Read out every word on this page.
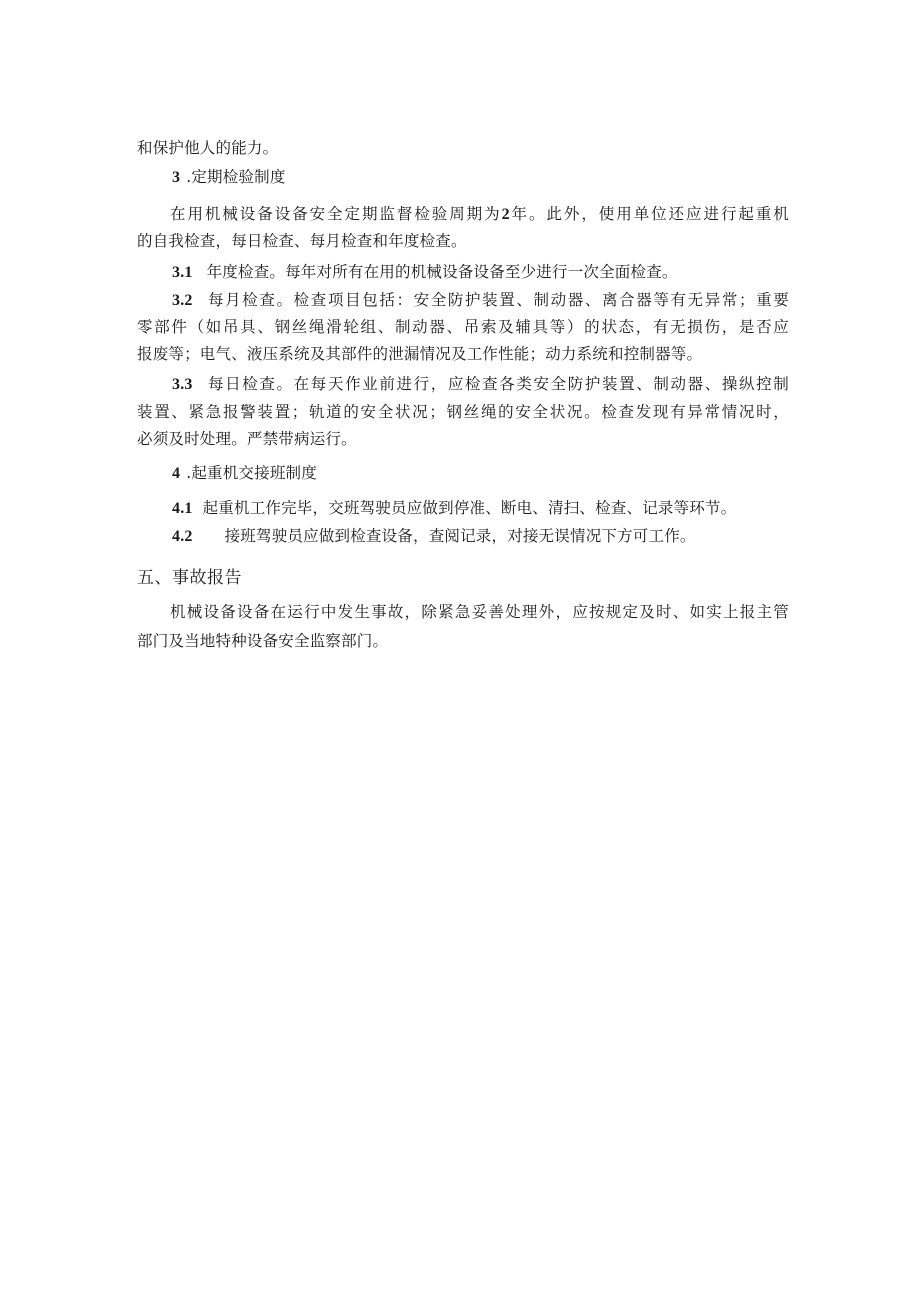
和保护他人的能力。
3 .定期检验制度
在用机械设备设备安全定期监督检验周期为2年。此外，使用单位还应进行起重机
的自我检查，每日检查、每月检查和年度检查。
3.1 年度检查。每年对所有在用的机械设备设备至少进行一次全面检查。
3.2 每月检查。检查项目包括：安全防护装置、制动器、离合器等有无异常；重要
零部件（如吊具、钢丝绳滑轮组、制动器、吊索及辅具等）的状态，有无损伤，是否应
报废等；电气、液压系统及其部件的泄漏情况及工作性能；动力系统和控制器等。
3.3 每日检查。在每天作业前进行，应检查各类安全防护装置、制动器、操纵控制
装置、紧急报警装置；轨道的安全状况；钢丝绳的安全状况。检查发现有异常情况时，
必须及时处理。严禁带病运行。
4 .起重机交接班制度
4.1 起重机工作完毕，交班驾驶员应做到停准、断电、清扫、检查、记录等环节。
4.2 接班驾驶员应做到检查设备，查阅记录，对接无误情况下方可工作。
五、事故报告
机械设备设备在运行中发生事故，除紧急妥善处理外，应按规定及时、如实上报主管
部门及当地特种设备安全监察部门。
